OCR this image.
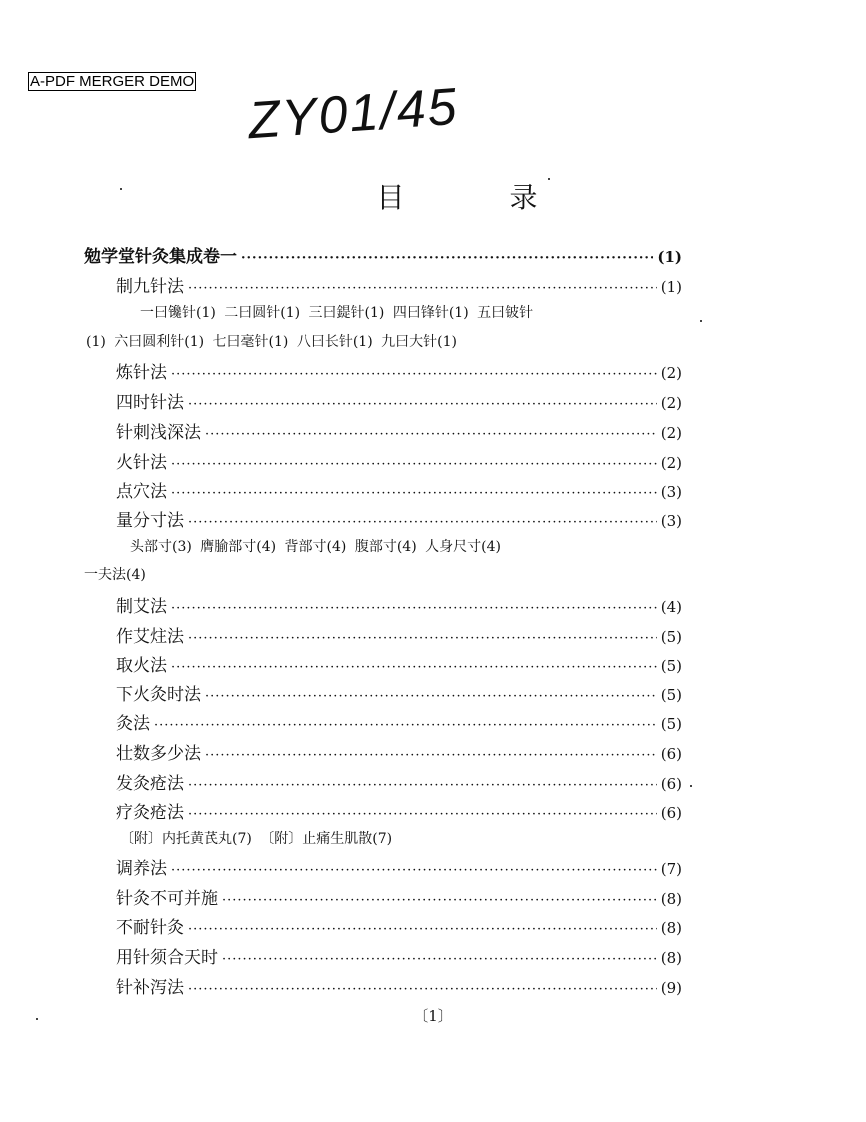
A-PDF MERGER DEMO ZY01/45
目 录
勉学堂针灸集成卷一 ·····	(1)
制九针法 ·····	(1)
炼针法 ·····	(2)
四时针法 ·····	(2)
针刺浅深法 ·····	(2)
火针法 ·····	(2)
点穴法 ·····	(3)
量分寸法 ·····	(3)
制艾法 ·····	(4)
作艾炷法 ·····	(5)
取火法 ·····	(5)
下火灸时法 ·····	(5)
灸法 ·····	(5)
壮数多少法 ·····	(6)
发灸疮法 ·····	(6)
疗灸疮法 ·····	(6)
调养法 ·····	(7)
针灸不可并施 ·····	(8)
不耐针灸 ·····	(8)
用针须合天时 ·····	(8)
针补泻法 ·····	(9)
一曰镵针(1) 二曰圆针(1) 三曰鍉针(1) 四曰锋针(1) 五曰铍针
(1) 六曰圆利针(1) 七曰毫针(1) 八曰长针(1) 九曰大针(1)
头部寸(3) 膺腧部寸(4) 背部寸(4) 腹部寸(4) 人身尺寸(4)
一夫法(4)
〔附〕内托黄芪丸(7) 〔附〕止痛生肌散(7)
〔1〕
